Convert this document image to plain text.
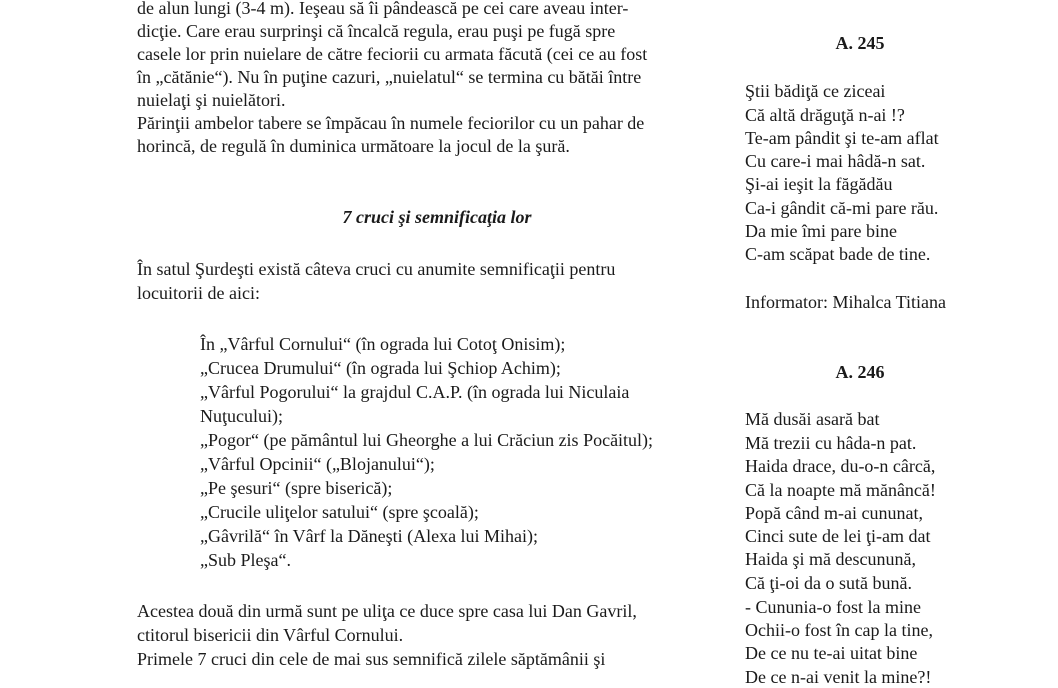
de alun lungi (3-4 m). Ieşeau să îi pândească pe cei care aveau inter-
dicţie. Care erau surprinşi că încalcă regula, erau puşi pe fugă spre
casele lor prin nuielare de către feciorii cu armata făcută (cei ce au fost
în „cătănie“). Nu în puţine cazuri, „nuielatul“ se termina cu bătăi între
nuielaţi şi nuielători.
Părinţii ambelor tabere se împăcau în numele feciorilor cu un pahar de
horincă, de regulă în duminica următoare la jocul de la şură.
7 cruci şi semnificaţia lor
În satul Şurdeşti există câteva cruci cu anumite semnificaţii pentru
locuitorii de aici:
În „Vârful Cornului“ (în ograda lui Cotoţ Onisim);
„Crucea Drumului“ (în ograda lui Şchiop Achim);
„Vârful Pogorului“ la grajdul C.A.P. (în ograda lui Niculaia
Nuţucului);
„Pogor“ (pe pământul lui Gheorghe a lui Crăciun zis Pocăitul);
„Vârful Opcinii“ („Blojanului“);
„Pe şesuri“ (spre biserică);
„Crucile uliţelor satului“ (spre şcoală);
„Gâvrilă“ în Vârf la Dăneşti (Alexa lui Mihai);
„Sub Pleşa“.
Acestea două din urmă sunt pe uliţa ce duce spre casa lui Dan Gavril,
ctitorul bisericii din Vârful Cornului.
Primele 7 cruci din cele de mai sus semnifică zilele săptămânii şi
A. 245
Ştii bădiţă ce ziceai
Că altă drăguţă n-ai !?
Te-am pândit şi te-am aflat
Cu care-i mai hâdă-n sat.
Şi-ai ieşit la făgădău
Ca-i gândit că-mi pare rău.
Da mie îmi pare bine
C-am scăpat bade de tine.
Informator: Mihalca Titiana
A. 246
Mă dusăi asară bat
Mă trezii cu hâda-n pat.
Haida drace, du-o-n cârcă,
Că la noapte mă mănâncă!
Popă când m-ai cununat,
Cinci sute de lei ţi-am dat
Haida şi mă descunună,
Că ţi-oi da o sută bună.
- Cununia-o fost la mine
Ochii-o fost în cap la tine,
De ce nu te-ai uitat bine
De ce n-ai venit la mine?!
